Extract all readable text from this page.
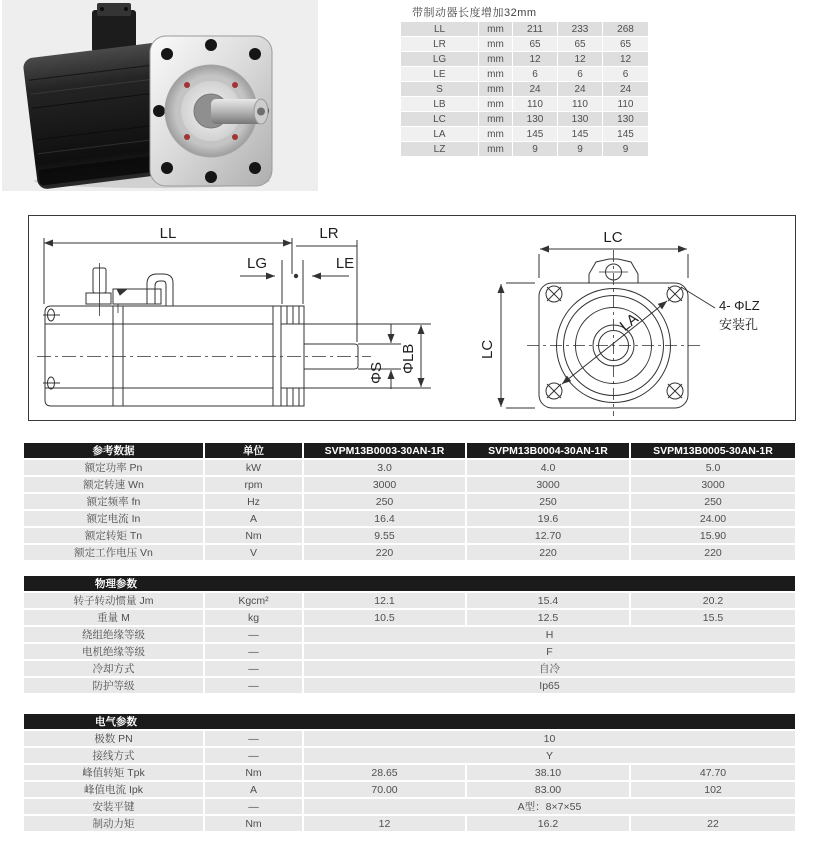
带制动器长度增加32mm
LL	mm	211	233	268
LR	mm	65	65	65
LG	mm	12	12	12
LE	mm	6	6	6
S	mm	24	24	24
LB	mm	110	110	110
LC	mm	130	130	130
LA	mm	145	145	145
LZ	mm	9	9	9
LL	LR
LG	LE
ΦS ΦLB
LC
LC
LA
4- ΦLZ
安装孔
参考数据	单位	SVPM13B0003-30AN-1R	SVPM13B0004-30AN-1R	SVPM13B0005-30AN-1R
额定功率 Pn	kW	3.0	4.0	5.0
额定转速 Wn	rpm	3000	3000	3000
额定频率 fn	Hz	250	250	250
额定电流 In	A	16.4	19.6	24.00
额定转矩 Tn	Nm	9.55	12.70	15.90
额定工作电压 Vn	V	220	220	220
物理参数				

转子转动惯量 Jm	Kgcm²	12.1	15.4	20.2
重量 M	kg	10.5	12.5	15.5
绕组绝缘等级	—	H		
电机绝缘等级	—	F		
冷却方式	—	自冷		
防护等级	—	Ip65		
电气参数				

极数 PN	—	10		
接线方式	—	Y		
峰值转矩 Tpk	Nm	28.65	38.10	47.70
峰值电流 Ipk	A	70.00	83.00	102
安装平键	—	A型：8×7×55		
制动力矩	Nm	12	16.2	22
